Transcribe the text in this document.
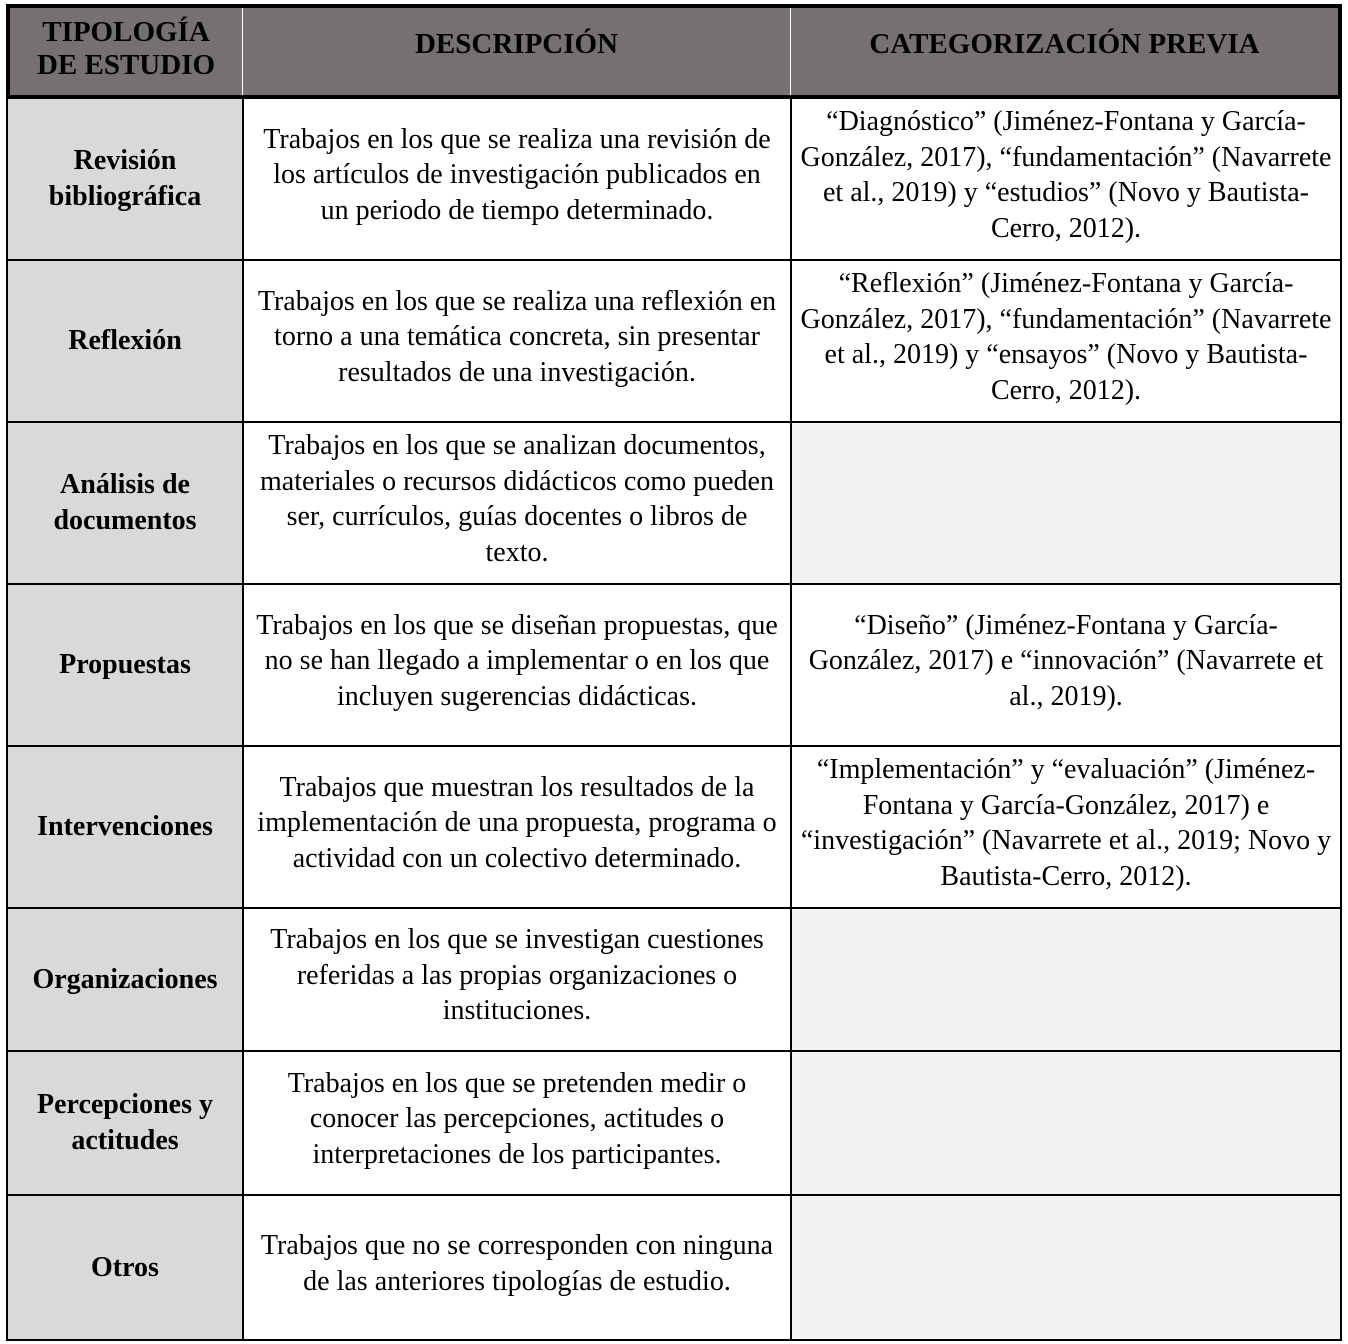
TIPOLOGÍA DE ESTUDIO
DESCRIPCIÓN	CATEGORIZACIÓN PREVIA
Revisión bibliográfica
Trabajos en los que se realiza una revisión de los artículos de investigación publicados en un periodo de tiempo determinado.
“Diagnóstico” (Jiménez-Fontana y García-González, 2017), “fundamentación” (Navarrete et al., 2019) y “estudios” (Novo y Bautista-Cerro, 2012).
Reflexión
Trabajos en los que se realiza una reflexión en torno a una temática concreta, sin presentar resultados de una investigación.
“Reflexión” (Jiménez-Fontana y García-González, 2017), “fundamentación” (Navarrete et al., 2019) y “ensayos” (Novo y Bautista-Cerro, 2012).
Análisis de documentos
Trabajos en los que se analizan documentos, materiales o recursos didácticos como pueden ser, currículos, guías docentes o libros de texto.
Propuestas
Trabajos en los que se diseñan propuestas, que no se han llegado a implementar o en los que incluyen sugerencias didácticas.
“Diseño” (Jiménez-Fontana y García-González, 2017) e “innovación” (Navarrete et al., 2019).
Intervenciones
Trabajos que muestran los resultados de la implementación de una propuesta, programa o actividad con un colectivo determinado.
“Implementación” y “evaluación” (Jiménez-Fontana y García-González, 2017) e “investigación” (Navarrete et al., 2019; Novo y Bautista-Cerro, 2012).
Organizaciones
Trabajos en los que se investigan cuestiones referidas a las propias organizaciones o instituciones.
Percepciones y actitudes
Trabajos en los que se pretenden medir o conocer las percepciones, actitudes o interpretaciones de los participantes.
Otros
Trabajos que no se corresponden con ninguna de las anteriores tipologías de estudio.
